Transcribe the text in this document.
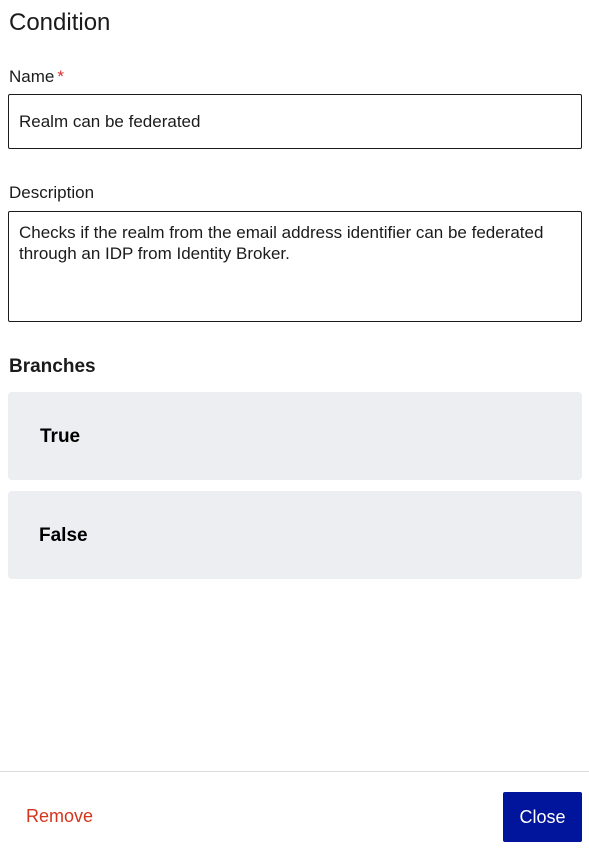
Condition
Name *
Realm can be federated
Description
Checks if the realm from the email address identifier can be federated through an IDP from Identity Broker.
Branches
True
False
Remove	Close
